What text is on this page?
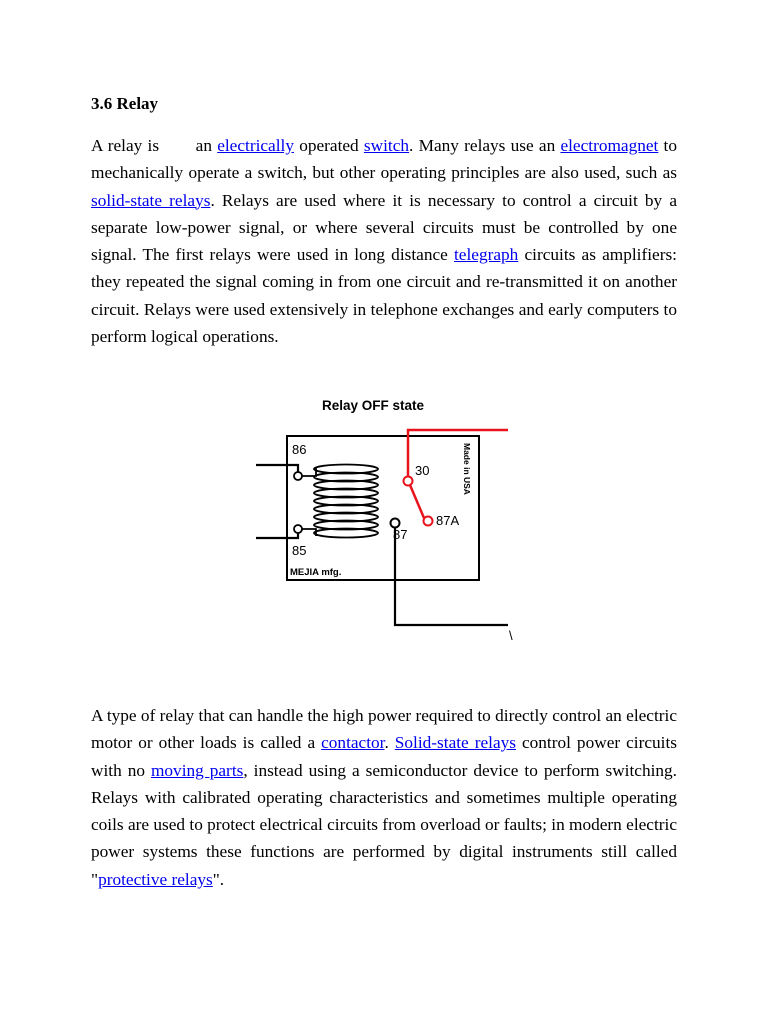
3.6 Relay

A relay is       an electrically operated switch. Many relays use an electromagnet to mechanically operate a switch, but other operating principles are also used, such as solid-state relays. Relays are used where it is necessary to control a circuit by a separate low-power signal, or where several circuits must be controlled by one signal. The first relays were used in long distance telegraph circuits as amplifiers: they repeated the signal coming in from one circuit and re-transmitted it on another circuit. Relays were used extensively in telephone exchanges and early computers to perform logical operations.

Relay OFF state
86
85
MEJIA mfg.
Made in USA
30
87A
87
\

A type of relay that can handle the high power required to directly control an electric motor or other loads is called a contactor. Solid-state relays control power circuits with no moving parts, instead using a semiconductor device to perform switching. Relays with calibrated operating characteristics and sometimes multiple operating coils are used to protect electrical circuits from overload or faults; in modern electric power systems these functions are performed by digital instruments still called "protective relays".
